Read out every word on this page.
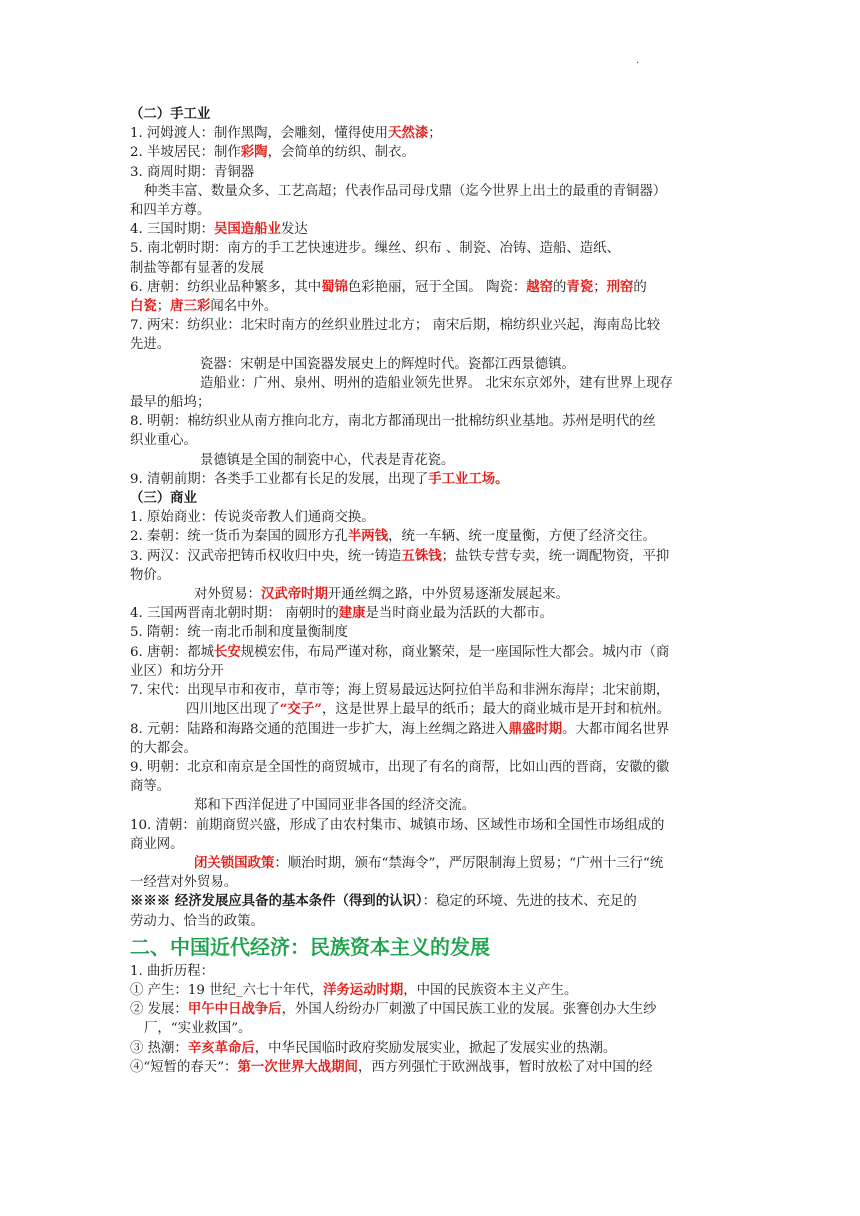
·
（二）手工业
1. 河姆渡人：制作黑陶，会雕刻，懂得使用天然漆；
2. 半坡居民：制作彩陶，会简单的纺织、制衣。
3. 商周时期：青铜器
种类丰富、数量众多、工艺高超；代表作品司母戊鼎（迄今世界上出土的最重的青铜器）
和四羊方尊。
4. 三国时期：吴国造船业发达
5. 南北朝时期：南方的手工艺快速进步。缫丝、织布 、制瓷、冶铸、造船、造纸、
制盐等都有显著的发展
6. 唐朝：纺织业品种繁多，其中蜀锦色彩艳丽，冠于全国。 陶瓷：越窑的青瓷；刑窑的
白瓷；唐三彩闻名中外。
7. 两宋：纺织业：北宋时南方的丝织业胜过北方； 南宋后期，棉纺织业兴起，海南岛比较
先进。
瓷器：宋朝是中国瓷器发展史上的辉煌时代。瓷都江西景德镇。
造船业：广州、泉州、明州的造船业领先世界。 北宋东京郊外，建有世界上现存
最早的船坞；
8. 明朝：棉纺织业从南方推向北方，南北方都涌现出一批棉纺织业基地。苏州是明代的丝
织业重心。
景德镇是全国的制瓷中心，代表是青花瓷。
9. 清朝前期：各类手工业都有长足的发展，出现了手工业工场。
（三）商业
1. 原始商业：传说炎帝教人们通商交换。
2. 秦朝：统一货币为秦国的圆形方孔半两钱，统一车辆、统一度量衡，方便了经济交往。
3. 两汉：汉武帝把铸币权收归中央，统一铸造五铢钱；盐铁专营专卖，统一调配物资，平抑
物价。
对外贸易：汉武帝时期开通丝绸之路，中外贸易逐渐发展起来。
4. 三国两晋南北朝时期： 南朝时的建康是当时商业最为活跃的大都市。
5. 隋朝：统一南北币制和度量衡制度
6. 唐朝：都城长安规模宏伟，布局严谨对称，商业繁荣，是一座国际性大都会。城内市（商
业区）和坊分开
7. 宋代：出现早市和夜市，草市等；海上贸易最远达阿拉伯半岛和非洲东海岸；北宋前期，
四川地区出现了“交子”，这是世界上最早的纸币；最大的商业城市是开封和杭州。
8. 元朝：陆路和海路交通的范围进一步扩大，海上丝绸之路进入鼎盛时期。大都市闻名世界
的大都会。
9. 明朝：北京和南京是全国性的商贸城市，出现了有名的商帮，比如山西的晋商，安徽的徽
商等。
郑和下西洋促进了中国同亚非各国的经济交流。
10. 清朝：前期商贸兴盛，形成了由农村集市、城镇市场、区域性市场和全国性市场组成的
商业网。
闭关锁国政策：顺治时期，颁布“禁海令”，严厉限制海上贸易；“广州十三行“统
一经营对外贸易。
※※※ 经济发展应具备的基本条件（得到的认识）：稳定的环境、先进的技术、充足的
劳动力、恰当的政策。
二、中国近代经济：民族资本主义的发展
1. 曲折历程：
① 产生：19 世纪_六七十年代，洋务运动时期，中国的民族资本主义产生。
② 发展：甲午中日战争后，外国人纷纷办厂刺激了中国民族工业的发展。张謇创办大生纱
厂，“实业救国”。
③ 热潮：辛亥革命后，中华民国临时政府奖励发展实业，掀起了发展实业的热潮。
④“短暂的春天”：第一次世界大战期间，西方列强忙于欧洲战事，暂时放松了对中国的经
